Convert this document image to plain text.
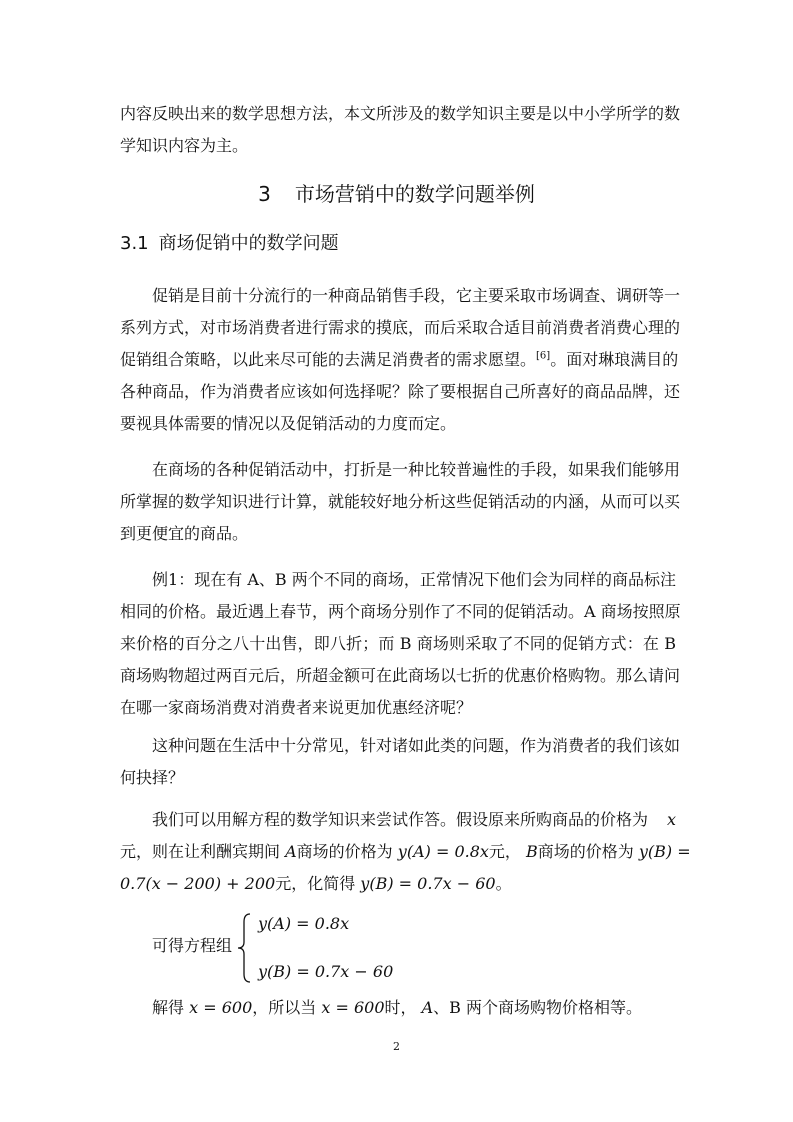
内容反映出来的数学思想方法，本文所涉及的数学知识主要是以中小学所学的数
学知识内容为主。
3 市场营销中的数学问题举例
3.1 商场促销中的数学问题
促销是目前十分流行的一种商品销售手段，它主要采取市场调查、调研等一
系列方式，对市场消费者进行需求的摸底，而后采取合适目前消费者消费心理的
促销组合策略，以此来尽可能的去满足消费者的需求愿望。[6]。面对琳琅满目的
各种商品，作为消费者应该如何选择呢？除了要根据自己所喜好的商品品牌，还
要视具体需要的情况以及促销活动的力度而定。
在商场的各种促销活动中，打折是一种比较普遍性的手段，如果我们能够用
所掌握的数学知识进行计算，就能较好地分析这些促销活动的内涵，从而可以买
到更便宜的商品。
例1：现在有 A、B 两个不同的商场，正常情况下他们会为同样的商品标注
相同的价格。最近遇上春节，两个商场分别作了不同的促销活动。A 商场按照原
来价格的百分之八十出售，即八折；而 B 商场则采取了不同的促销方式：在 B
商场购物超过两百元后，所超金额可在此商场以七折的优惠价格购物。那么请问
在哪一家商场消费对消费者来说更加优惠经济呢？
这种问题在生活中十分常见，针对诸如此类的问题，作为消费者的我们该如
何抉择？
我们可以用解方程的数学知识来尝试作答。假设原来所购商品的价格为 x
元，则在让利酬宾期间 A商场的价格为 y(A) = 0.8x元， B商场的价格为 y(B) =
0.7(x − 200) + 200元，化简得 y(B) = 0.7x − 60。
可得方程组
y(A) = 0.8x
y(B) = 0.7x − 60
解得 x = 600，所以当 x = 600时， A、B 两个商场购物价格相等。
2
